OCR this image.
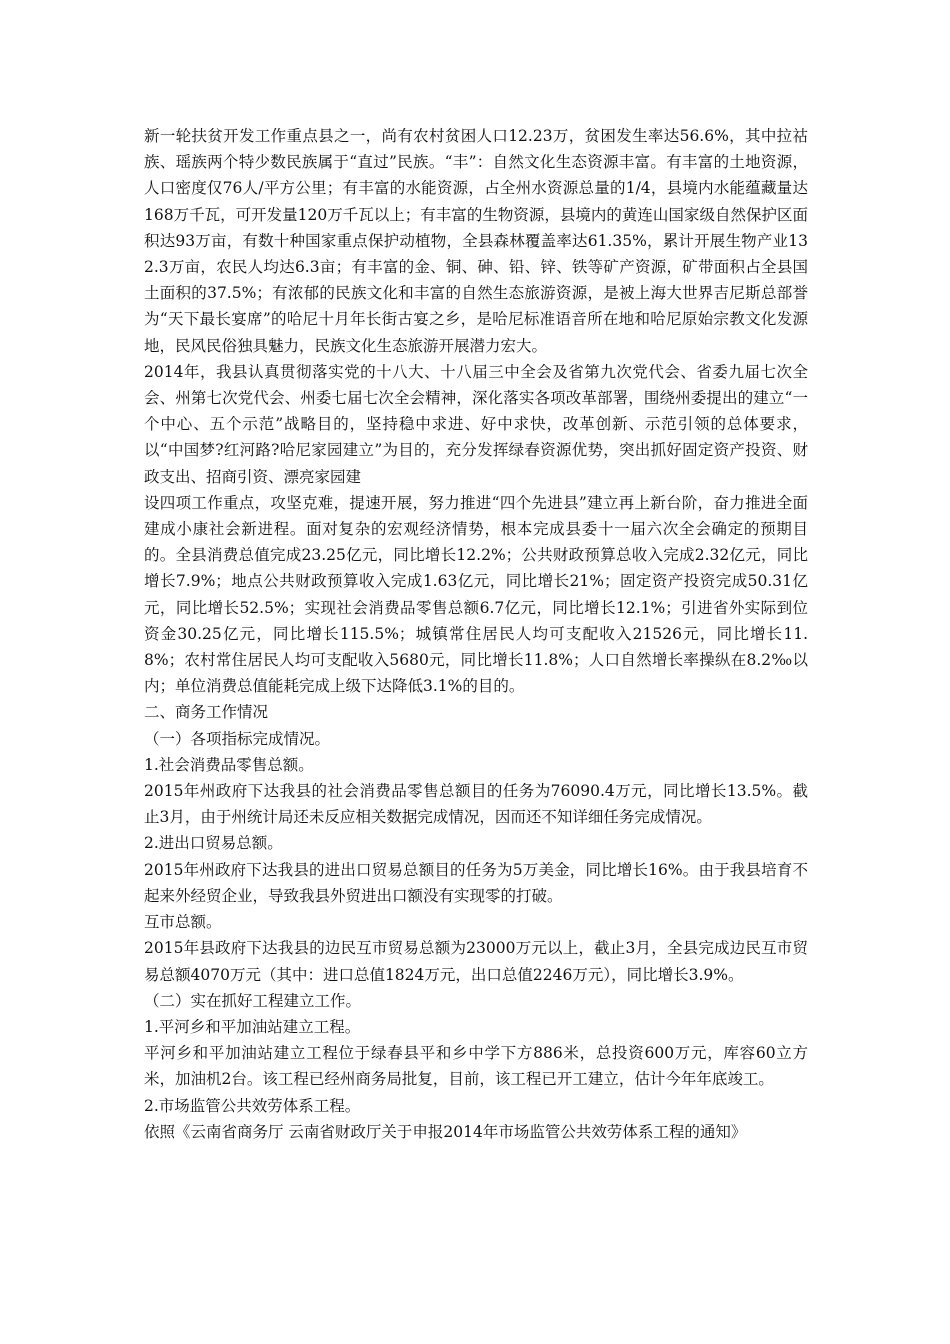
新一轮扶贫开发工作重点县之一，尚有农村贫困人口12.23万，贫困发生率达56.6%，其中拉祜族、瑶族两个特少数民族属于“直过”民族。“丰”：自然文化生态资源丰富。有丰富的土地资源，人口密度仅76人/平方公里；有丰富的水能资源，占全州水资源总量的1/4，县境内水能蕴藏量达168万千瓦，可开发量120万千瓦以上；有丰富的生物资源，县境内的黄连山国家级自然保护区面积达93万亩，有数十种国家重点保护动植物，全县森林覆盖率达61.35%，累计开展生物产业132.3万亩，农民人均达6.3亩；有丰富的金、铜、砷、铅、锌、铁等矿产资源，矿带面积占全县国土面积的37.5%；有浓郁的民族文化和丰富的自然生态旅游资源，是被上海大世界吉尼斯总部誉为“天下最长宴席”的哈尼十月年长街古宴之乡，是哈尼标准语音所在地和哈尼原始宗教文化发源地，民风民俗独具魅力，民族文化生态旅游开展潜力宏大。

2014年，我县认真贯彻落实党的十八大、十八届三中全会及省第九次党代会、省委九届七次全会、州第七次党代会、州委七届七次全会精神，深化落实各项改革部署，围绕州委提出的建立“一个中心、五个示范”战略目的，坚持稳中求进、好中求快，改革创新、示范引领的总体要求，以“中国梦?红河路?哈尼家园建立”为目的，充分发挥绿春资源优势，突出抓好固定资产投资、财政支出、招商引资、漂亮家园建

设四项工作重点，攻坚克难，提速开展，努力推进“四个先进县”建立再上新台阶，奋力推进全面建成小康社会新进程。面对复杂的宏观经济情势，根本完成县委十一届六次全会确定的预期目的。全县消费总值完成23.25亿元，同比增长12.2%；公共财政预算总收入完成2.32亿元，同比增长7.9%；地点公共财政预算收入完成1.63亿元，同比增长21%；固定资产投资完成50.31亿元，同比增长52.5%；实现社会消费品零售总额6.7亿元，同比增长12.1%；引进省外实际到位资金30.25亿元，同比增长115.5%；城镇常住居民人均可支配收入21526元，同比增长11.8%；农村常住居民人均可支配收入5680元，同比增长11.8%；人口自然增长率操纵在8.2‰以内；单位消费总值能耗完成上级下达降低3.1%的目的。

二、商务工作情况

（一）各项指标完成情况。

1.社会消费品零售总额。

2015年州政府下达我县的社会消费品零售总额目的任务为76090.4万元，同比增长13.5%。截止3月，由于州统计局还未反应相关数据完成情况，因而还不知详细任务完成情况。

2.进出口贸易总额。

2015年州政府下达我县的进出口贸易总额目的任务为5万美金，同比增长16%。由于我县培育不起来外经贸企业，导致我县外贸进出口额没有实现零的打破。

互市总额。

2015年县政府下达我县的边民互市贸易总额为23000万元以上，截止3月，全县完成边民互市贸易总额4070万元（其中：进口总值1824万元，出口总值2246万元），同比增长3.9%。

（二）实在抓好工程建立工作。

1.平河乡和平加油站建立工程。

平河乡和平加油站建立工程位于绿春县平和乡中学下方886米，总投资600万元，库容60立方米，加油机2台。该工程已经州商务局批复，目前，该工程已开工建立，估计今年年底竣工。

2.市场监管公共效劳体系工程。

依照《云南省商务厅 云南省财政厅关于申报2014年市场监管公共效劳体系工程的通知》
